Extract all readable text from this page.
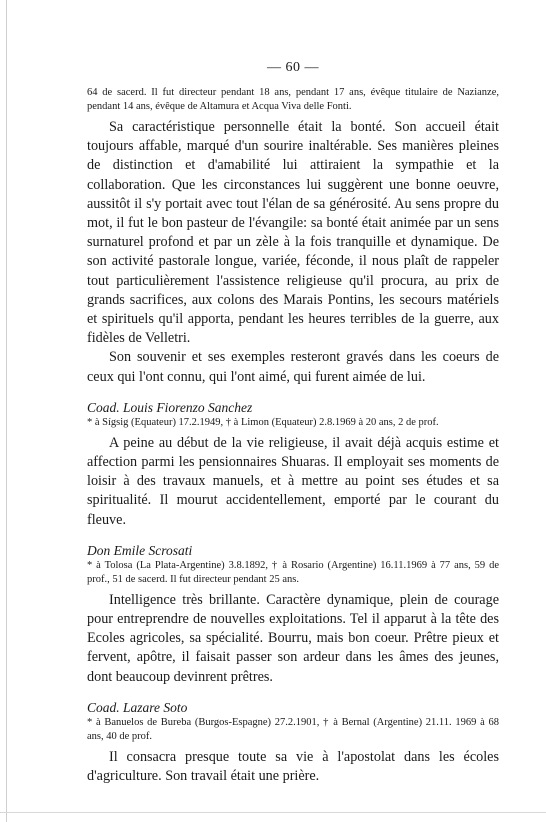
— 60 —

64 de sacerd. Il fut directeur pendant 18 ans, pendant 17 ans, évêque titulaire de Nazianze, pendant 14 ans, évêque de Altamura et Acqua Viva delle Fonti.

Sa caractéristique personnelle était la bonté. Son accueil était toujours affable, marqué d'un sourire inaltérable. Ses manières pleines de distinction et d'amabilité lui attiraient la sympathie et la collaboration. Que les circonstances lui suggèrent une bonne oeuvre, aussitôt il s'y portait avec tout l'élan de sa générosité. Au sens propre du mot, il fut le bon pasteur de l'évangile: sa bonté était animée par un sens surnaturel profond et par un zèle à la fois tranquille et dynamique. De son activité pastorale longue, variée, féconde, il nous plaît de rappeler tout particulièrement l'assistence religieuse qu'il procura, au prix de grands sacrifices, aux colons des Marais Pontins, les secours matériels et spirituels qu'il apporta, pendant les heures terribles de la guerre, aux fidèles de Velletri.

Son souvenir et ses exemples resteront gravés dans les coeurs de ceux qui l'ont connu, qui l'ont aimé, qui furent aimée de lui.

Coad. Louis Fiorenzo Sanchez

* à Sígsig (Equateur) 17.2.1949, † à Limon (Equateur) 2.8.1969 à 20 ans, 2 de prof.

A peine au début de la vie religieuse, il avait déjà acquis estime et affection parmi les pensionnaires Shuaras. Il employait ses moments de loisir à des travaux manuels, et à mettre au point ses études et sa spiritualité. Il mourut accidentellement, emporté par le courant du fleuve.

Don Emile Scrosati

* à Tolosa (La Plata-Argentine) 3.8.1892, † à Rosario (Argentine) 16.11.1969 à 77 ans, 59 de prof., 51 de sacerd. Il fut directeur pendant 25 ans.

Intelligence très brillante. Caractère dynamique, plein de courage pour entreprendre de nouvelles exploitations. Tel il apparut à la tête des Ecoles agricoles, sa spécialité. Bourru, mais bon coeur. Prêtre pieux et fervent, apôtre, il faisait passer son ardeur dans les âmes des jeunes, dont beaucoup devinrent prêtres.

Coad. Lazare Soto

* à Banuelos de Bureba (Burgos-Espagne) 27.2.1901, † à Bernal (Argentine) 21.11. 1969 à 68 ans, 40 de prof.

Il consacra presque toute sa vie à l'apostolat dans les écoles d'agriculture. Son travail était une prière.
